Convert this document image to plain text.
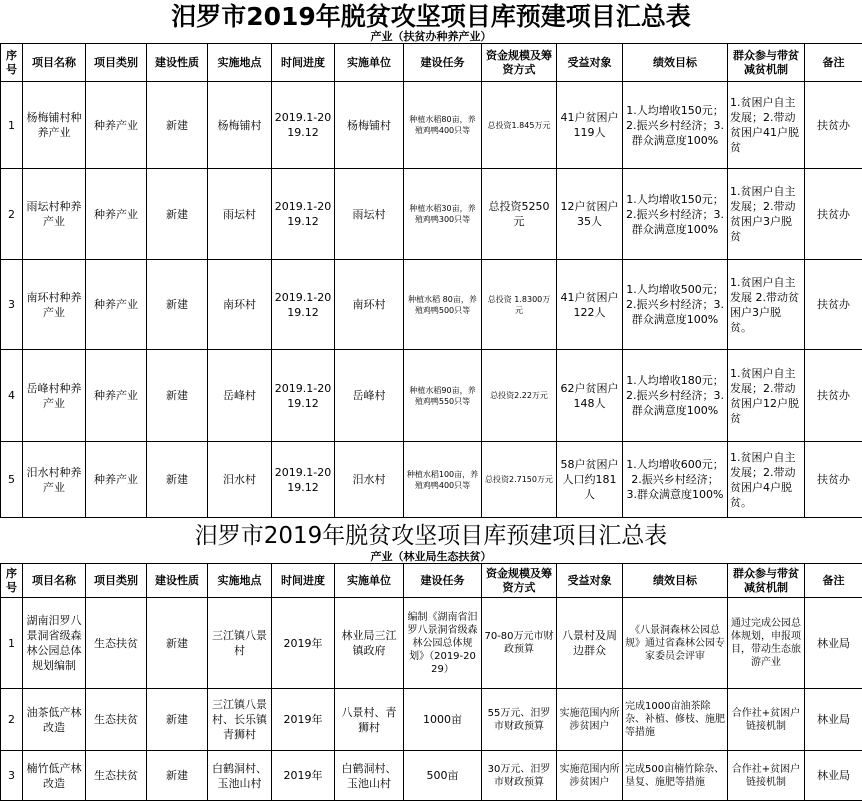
汨罗市2019年脱贫攻坚项目库预建项目汇总表
产业（扶贫办种养产业）
序号	项目名称	项目类别	建设性质	实施地点	时间进度	实施单位	建设任务	资金规模及筹资方式	受益对象	绩效目标	群众参与带贫减贫机制	备注
1	杨梅铺村种养产业	种养产业	新建	杨梅铺村	2019.1-2019.12	杨梅铺村	种植水稻80亩，养殖鸡鸭400只等	总投资1.845万元	41户贫困户119人	1.人均增收150元；2.振兴乡村经济；3.群众满意度100%	1.贫困户自主发展；2.带动贫困户41户脱贫	扶贫办
2	雨坛村种养产业	种养产业	新建	雨坛村	2019.1-2019.12	雨坛村	种植水稻30亩，养殖鸡鸭300只等	总投资5250元	12户贫困户35人	1.人均增收150元；2.振兴乡村经济；3.群众满意度100%	1.贫困户自主发展；2.带动贫困户3户脱贫	扶贫办
3	南环村种养产业	种养产业	新建	南环村	2019.1-2019.12	南环村	种植水稻 80亩，养殖鸡鸭500只等	总投资 1.8300万元	41户贫困户122人	1.人均增收500元；2.振兴乡村经济；3.群众满意度100%	1.贫困户自主发展 2.带动贫困户3户脱贫。	扶贫办
4	岳峰村种养产业	种养产业	新建	岳峰村	2019.1-2019.12	岳峰村	种植水稻90亩，养殖鸡鸭550只等	总投资2.22万元	62户贫困户148人	1.人均增收180元；2.振兴乡村经济；3.群众满意度100%	1.贫困户自主发展；2.带动贫困户12户脱贫	扶贫办
5	汨水村种养产业	种养产业	新建	汨水村	2019.1-2019.12	汨水村	种植水稻100亩，养殖鸡鸭400只等	总投资2.7150万元	58户贫困户人口约181人	1.人均增收600元； 2.振兴乡村经济； 3.群众满意度100%	1.贫困户自主发展；2.带动贫困户4户脱贫。	扶贫办
汨罗市2019年脱贫攻坚项目库预建项目汇总表
产业（林业局生态扶贫）
序号	项目名称	项目类别	建设性质	实施地点	时间进度	实施单位	建设任务	资金规模及筹资方式	受益对象	绩效目标	群众参与带贫减贫机制	备注
1	湖南汨罗八景洞省级森林公园总体规划编制	生态扶贫	新建	三江镇八景村	2019年	林业局三江镇政府	编制《湖南省汨罗八景洞省级森林公园总体规划》（2019-2029）	70-80万元市财政预算	八景村及周边群众	《八景洞森林公园总规》通过省森林公园专家委员会评审	通过完成公园总体规划，申报项目，带动生态旅游产业	林业局
2	油茶低产林改造	生态扶贫	新建	三江镇八景村、长乐镇青狮村	2019年	八景村、青狮村	1000亩	55万元、汨罗市财政预算	实施范围内所涉贫困户	完成1000亩油茶除杂、补植、修枝、施肥等措施	合作社+贫困户链接机制	林业局
3	楠竹低产林改造	生态扶贫	新建	白鹤洞村、玉池山村	2019年	白鹤洞村、玉池山村	500亩	30万元、汨罗市财政预算	实施范围内所涉贫困户	完成500亩楠竹除杂、垦复、施肥等措施	合作社+贫困户链接机制	林业局
